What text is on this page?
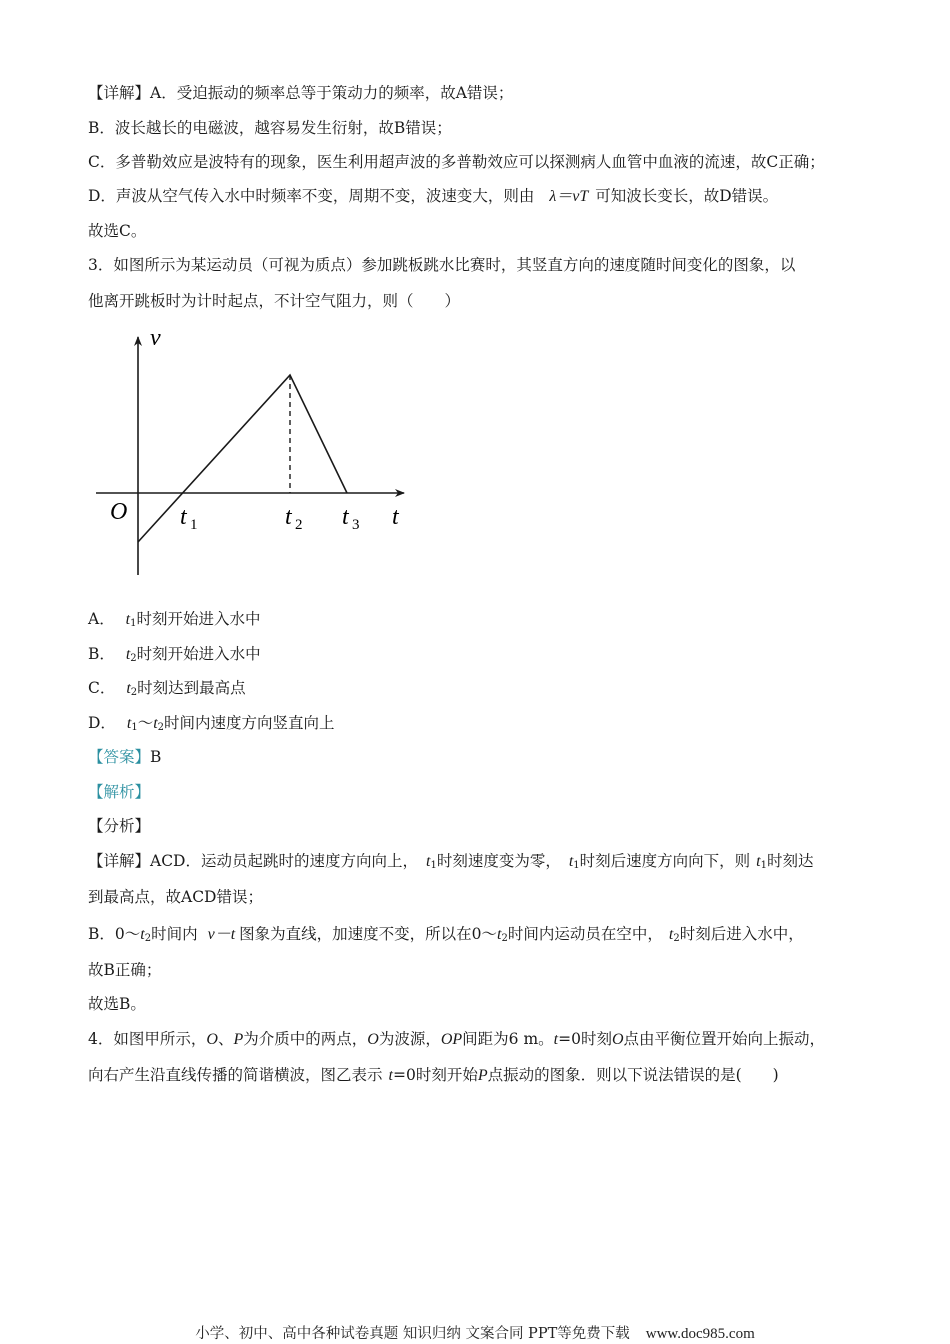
【详解】A．受迫振动的频率总等于策动力的频率，故A错误；
B．波长越长的电磁波，越容易发生衍射，故B错误；
C．多普勒效应是波特有的现象，医生利用超声波的多普勒效应可以探测病人血管中血液的流速，故C正确；
D．声波从空气传入水中时频率不变，周期不变，波速变大，则由 λ＝vT 可知波长变长，故D错误。
故选C。
3．如图所示为某运动员（可视为质点）参加跳板跳水比赛时，其竖直方向的速度随时间变化的图象，以
他离开跳板时为计时起点，不计空气阻力，则（　　）
v
O	t
t 1	t 2 t 3
A． $t_1$时刻开始进入水中
B． $t_2$时刻开始进入水中
C． $t_2$时刻达到最高点
D． $t_1\sim t_2$时间内速度方向竖直向上
【答案】B
【解析】
【分析】
【详解】ACD．运动员起跳时的速度方向向上， $t_1$时刻速度变为零， $t_1$时刻后速度方向向下，则 $t_1$时刻达
到最高点，故ACD错误；
B．$0\sim t_2$时间内 v－t 图象为直线，加速度不变，所以在$0\sim t_2$时间内运动员在空中， $t_2$时刻后进入水中，
故B正确；
故选B。
4．如图甲所示，O、P为介质中的两点，O为波源，OP间距为6 m。t=0时刻O点由平衡位置开始向上振动，
向右产生沿直线传播的简谐横波，图乙表示 t=0时刻开始P点振动的图象．则以下说法错误的是(　　)
小学、初中、高中各种试卷真题 知识归纳 文案合同 PPT等免费下载 www.doc985.com
